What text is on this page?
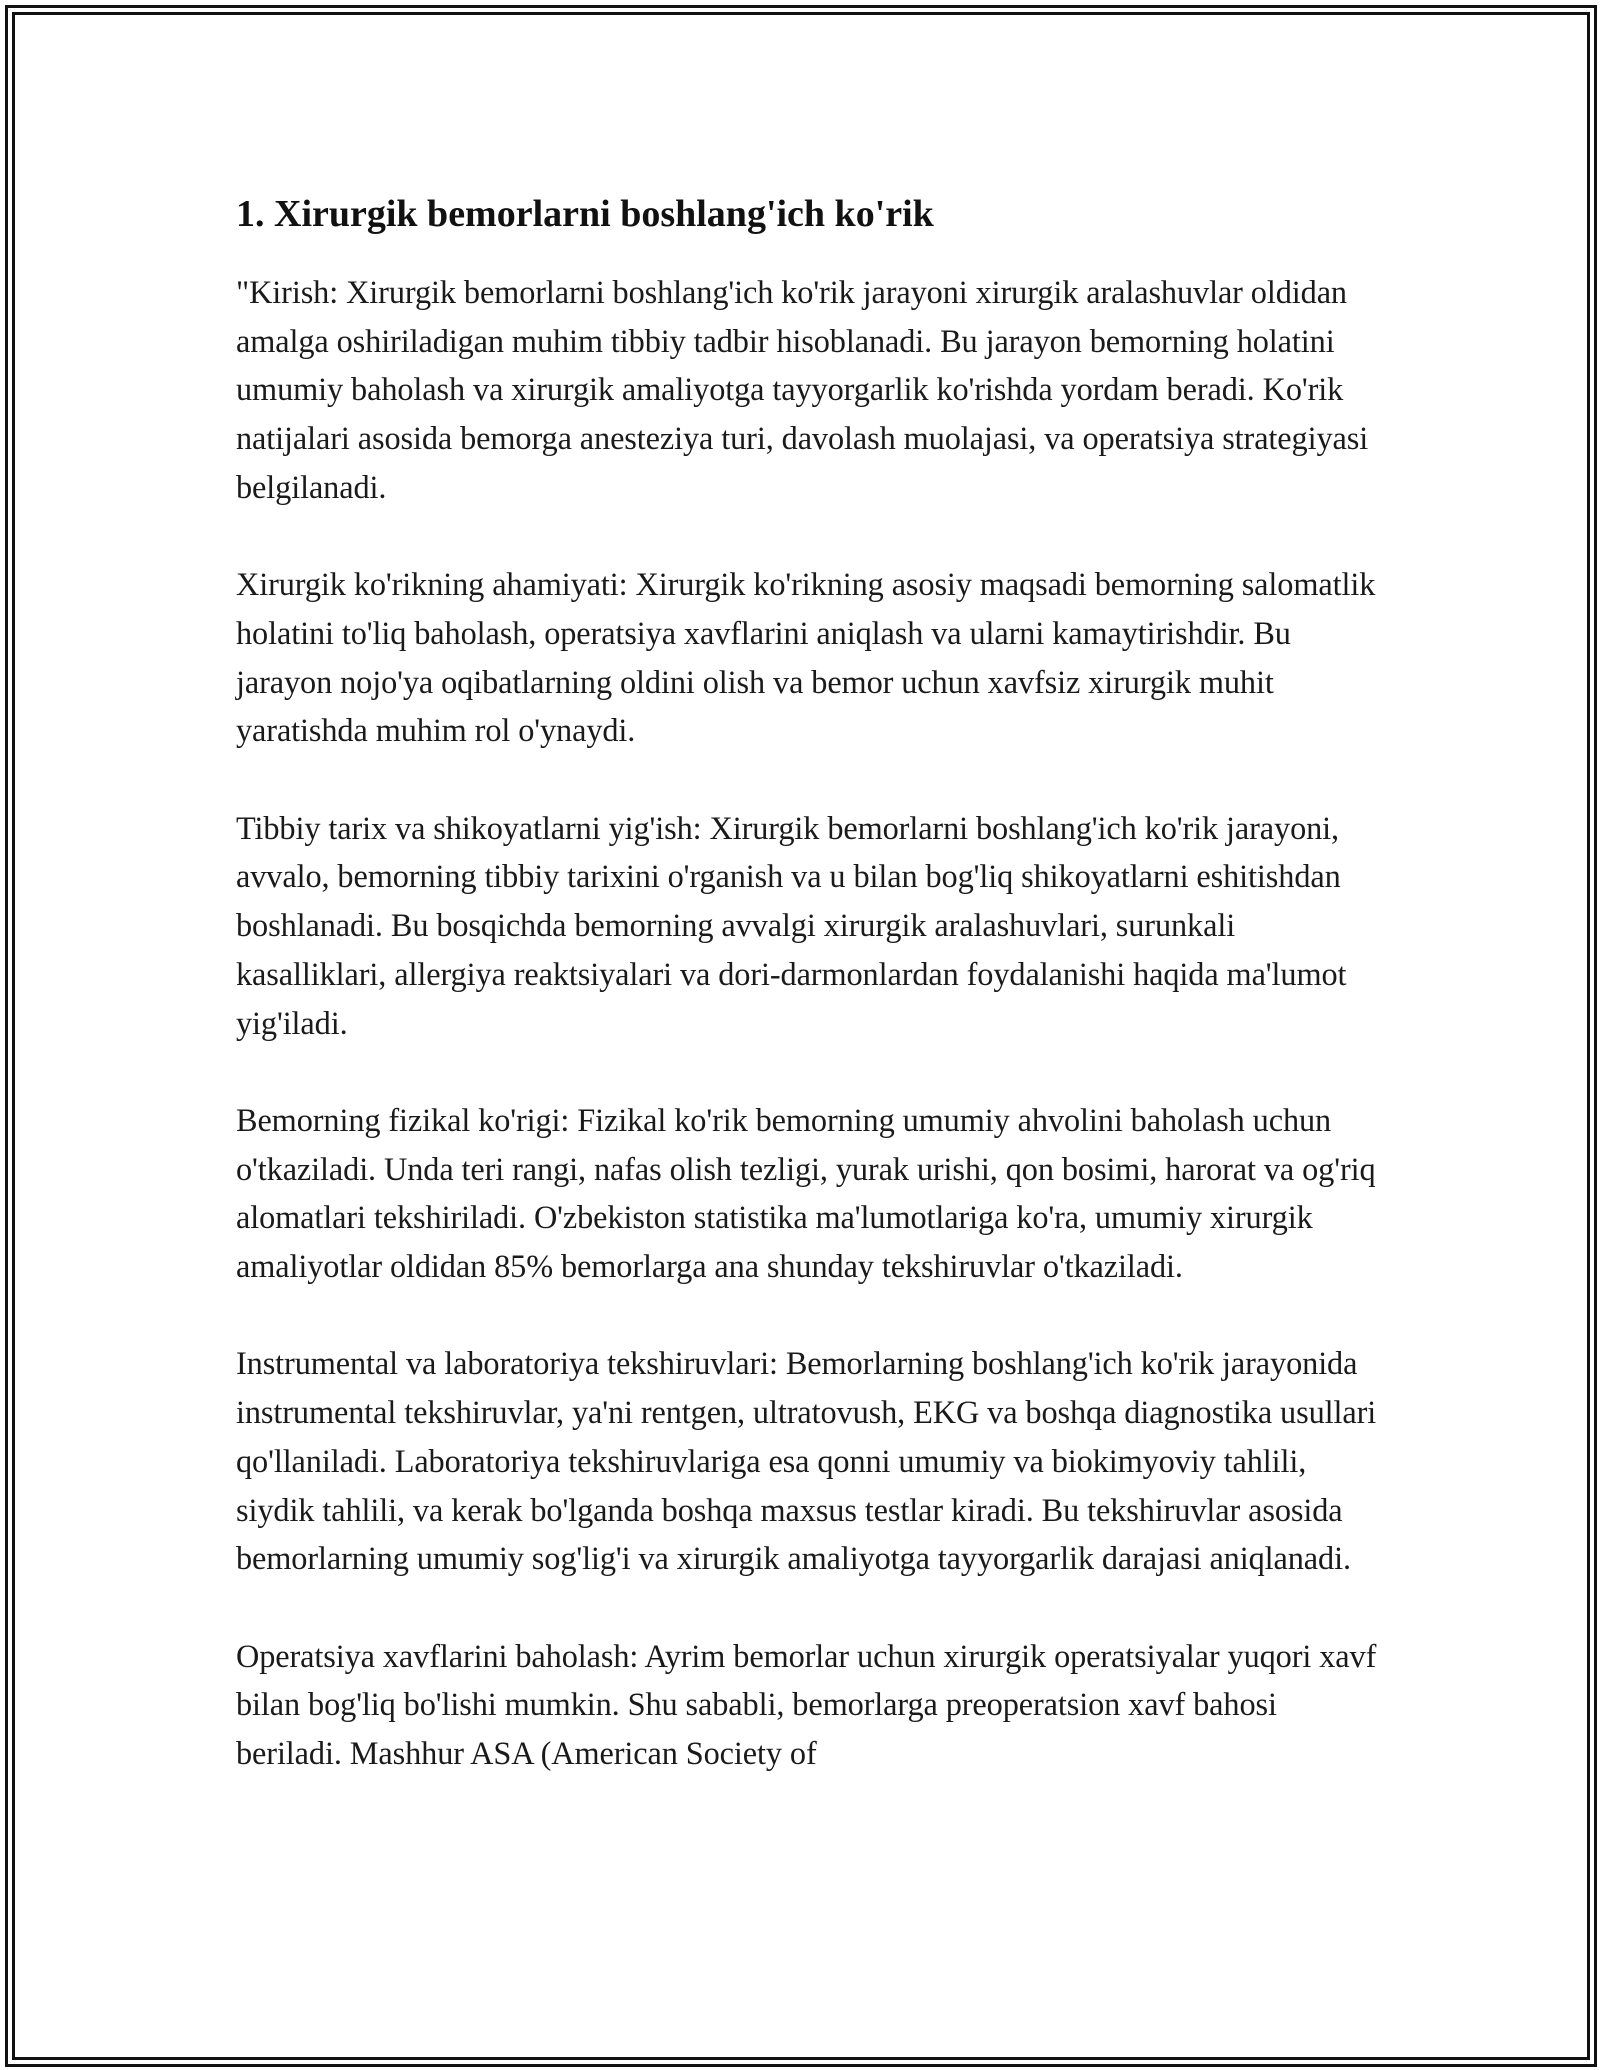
1. Xirurgik bemorlarni boshlang'ich ko'rik

"Kirish: Xirurgik bemorlarni boshlang'ich ko'rik jarayoni xirurgik aralashuvlar oldidan amalga oshiriladigan muhim tibbiy tadbir hisoblanadi. Bu jarayon bemorning holatini umumiy baholash va xirurgik amaliyotga tayyorgarlik ko'rishda yordam beradi. Ko'rik natijalari asosida bemorga anesteziya turi, davolash muolajasi, va operatsiya strategiyasi belgilanadi.

Xirurgik ko'rikning ahamiyati: Xirurgik ko'rikning asosiy maqsadi bemorning salomatlik holatini to'liq baholash, operatsiya xavflarini aniqlash va ularni kamaytirishdir. Bu jarayon nojo'ya oqibatlarning oldini olish va bemor uchun xavfsiz xirurgik muhit yaratishda muhim rol o'ynaydi.

Tibbiy tarix va shikoyatlarni yig'ish: Xirurgik bemorlarni boshlang'ich ko'rik jarayoni, avvalo, bemorning tibbiy tarixini o'rganish va u bilan bog'liq shikoyatlarni eshitishdan boshlanadi. Bu bosqichda bemorning avvalgi xirurgik aralashuvlari, surunkali kasalliklari, allergiya reaktsiyalari va dori-darmonlardan foydalanishi haqida ma'lumot yig'iladi.

Bemorning fizikal ko'rigi: Fizikal ko'rik bemorning umumiy ahvolini baholash uchun o'tkaziladi. Unda teri rangi, nafas olish tezligi, yurak urishi, qon bosimi, harorat va og'riq alomatlari tekshiriladi. O'zbekiston statistika ma'lumotlariga ko'ra, umumiy xirurgik amaliyotlar oldidan 85% bemorlarga ana shunday tekshiruvlar o'tkaziladi.

Instrumental va laboratoriya tekshiruvlari: Bemorlarning boshlang'ich ko'rik jarayonida instrumental tekshiruvlar, ya'ni rentgen, ultratovush, EKG va boshqa diagnostika usullari qo'llaniladi. Laboratoriya tekshiruvlariga esa qonni umumiy va biokimyoviy tahlili, siydik tahlili, va kerak bo'lganda boshqa maxsus testlar kiradi. Bu tekshiruvlar asosida bemorlarning umumiy sog'lig'i va xirurgik amaliyotga tayyorgarlik darajasi aniqlanadi.

Operatsiya xavflarini baholash: Ayrim bemorlar uchun xirurgik operatsiyalar yuqori xavf bilan bog'liq bo'lishi mumkin. Shu sababli, bemorlarga preoperatsion xavf bahosi beriladi. Mashhur ASA (American Society of
